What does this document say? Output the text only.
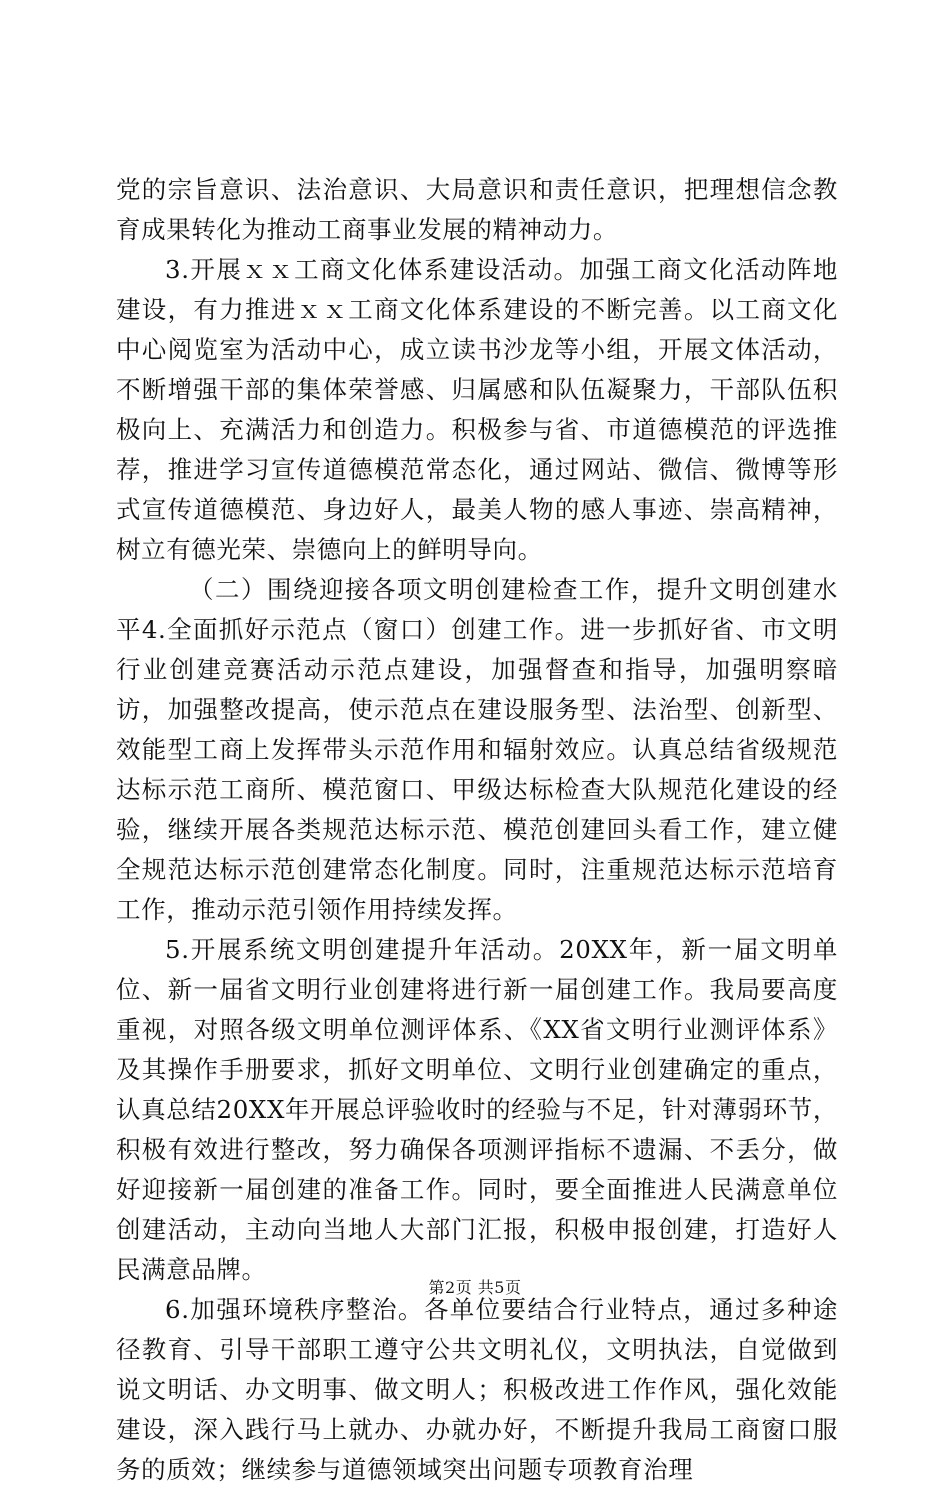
党的宗旨意识、法治意识、大局意识和责任意识，把理想信念教育成果转化为推动工商事业发展的精神动力。

3.开展ｘｘ工商文化体系建设活动。加强工商文化活动阵地建设，有力推进ｘｘ工商文化体系建设的不断完善。以工商文化中心阅览室为活动中心，成立读书沙龙等小组，开展文体活动，不断增强干部的集体荣誉感、归属感和队伍凝聚力，干部队伍积极向上、充满活力和创造力。积极参与省、市道德模范的评选推荐，推进学习宣传道德模范常态化，通过网站、微信、微博等形式宣传道德模范、身边好人，最美人物的感人事迹、崇高精神，树立有德光荣、崇德向上的鲜明导向。

（二）围绕迎接各项文明创建检查工作，提升文明创建水平4.全面抓好示范点（窗口）创建工作。进一步抓好省、市文明行业创建竞赛活动示范点建设，加强督查和指导，加强明察暗访，加强整改提高，使示范点在建设服务型、法治型、创新型、效能型工商上发挥带头示范作用和辐射效应。认真总结省级规范达标示范工商所、模范窗口、甲级达标检查大队规范化建设的经验，继续开展各类规范达标示范、模范创建回头看工作，建立健全规范达标示范创建常态化制度。同时，注重规范达标示范培育工作，推动示范引领作用持续发挥。

5.开展系统文明创建提升年活动。20XX年，新一届文明单位、新一届省文明行业创建将进行新一届创建工作。我局要高度重视，对照各级文明单位测评体系、《XX省文明行业测评体系》及其操作手册要求，抓好文明单位、文明行业创建确定的重点，认真总结20XX年开展总评验收时的经验与不足，针对薄弱环节，积极有效进行整改，努力确保各项测评指标不遗漏、不丢分，做好迎接新一届创建的准备工作。同时，要全面推进人民满意单位创建活动，主动向当地人大部门汇报，积极申报创建，打造好人民满意品牌。

6.加强环境秩序整治。各单位要结合行业特点，通过多种途径教育、引导干部职工遵守公共文明礼仪，文明执法，自觉做到说文明话、办文明事、做文明人；积极改进工作作风，强化效能建设，深入践行马上就办、办就办好，不断提升我局工商窗口服务的质效；继续参与道德领域突出问题专项教育治理

第2页 共5页
